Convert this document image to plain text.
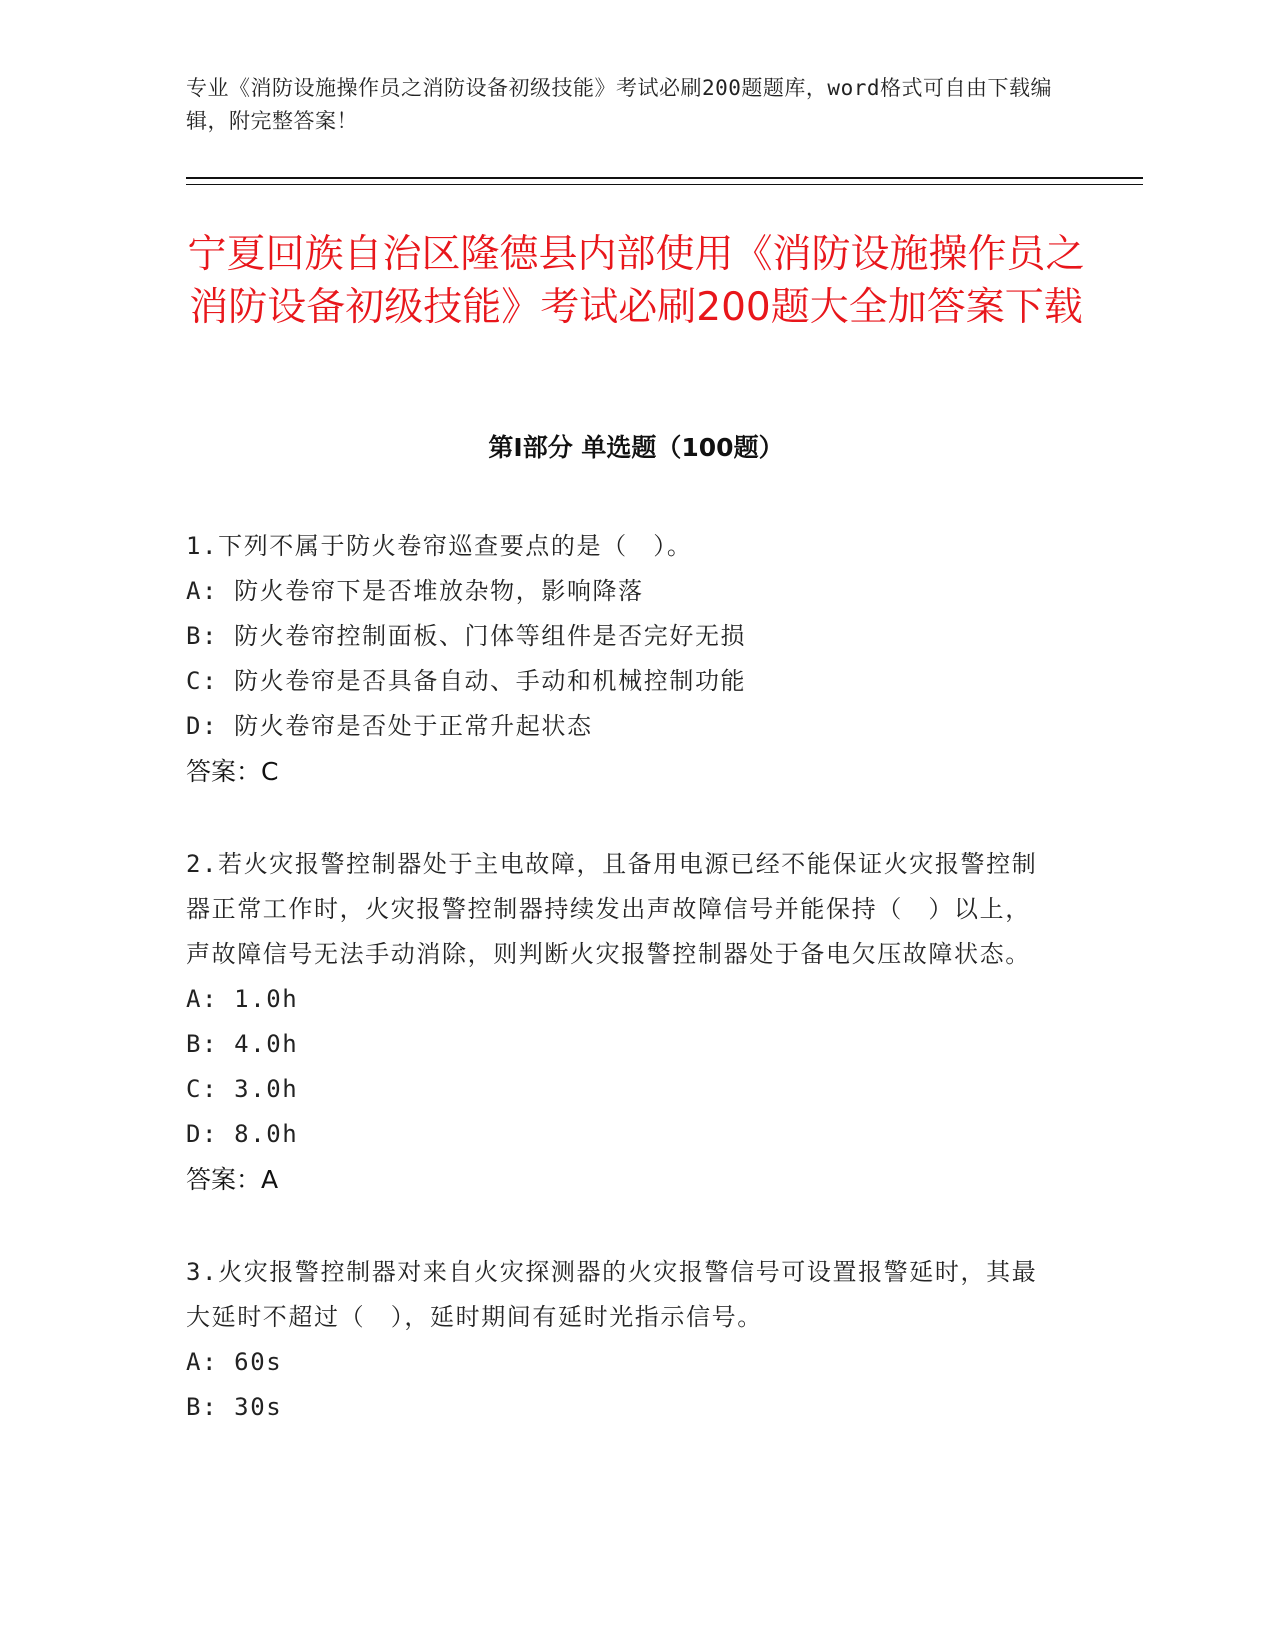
专业《消防设施操作员之消防设备初级技能》考试必刷200题题库，word格式可自由下载编辑，附完整答案！
宁夏回族自治区隆德县内部使用《消防设施操作员之消防设备初级技能》考试必刷200题大全加答案下载
第Ⅰ部分 单选题（100题）

1.下列不属于防火卷帘巡查要点的是（　）。

A: 防火卷帘下是否堆放杂物，影响降落

B: 防火卷帘控制面板、门体等组件是否完好无损

C: 防火卷帘是否具备自动、手动和机械控制功能

D: 防火卷帘是否处于正常升起状态

答案：C

2.若火灾报警控制器处于主电故障，且备用电源已经不能保证火灾报警控制器正常工作时，火灾报警控制器持续发出声故障信号并能保持（　）以上，声故障信号无法手动消除，则判断火灾报警控制器处于备电欠压故障状态。

A: 1.0h

B: 4.0h

C: 3.0h

D: 8.0h

答案：A

3.火灾报警控制器对来自火灾探测器的火灾报警信号可设置报警延时，其最大延时不超过（　），延时期间有延时光指示信号。

A: 60s

B: 30s
